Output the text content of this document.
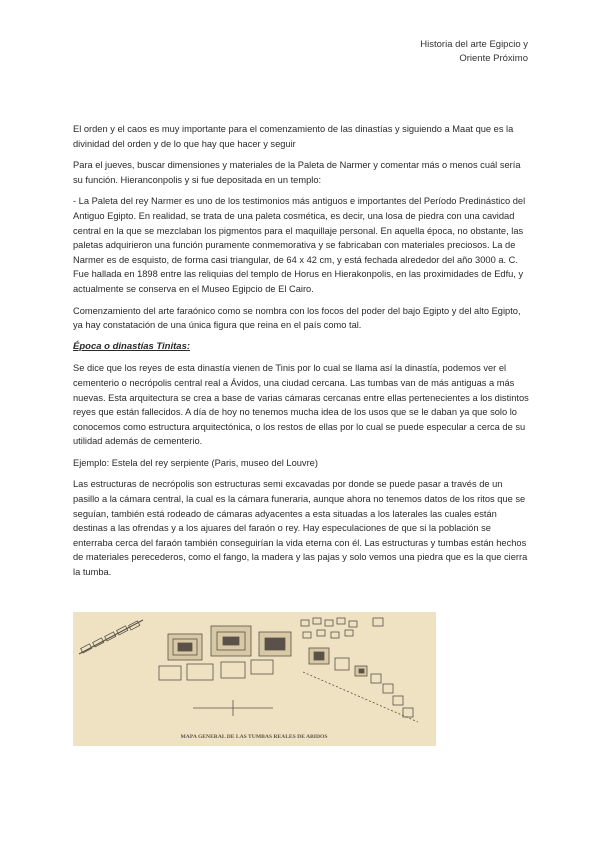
Historia del arte Egipcio y
Oriente Próximo

El orden y el caos es muy importante para el comenzamiento de las dinastías y siguiendo a Maat que es la divinidad del orden y de lo que hay que hacer y seguir

Para el jueves, buscar dimensiones y materiales de la Paleta de Narmer y comentar más o menos cuál sería su función. Hieranconpolis y si fue depositada en un templo:

- La Paleta del rey Narmer es uno de los testimonios más antiguos e importantes del Período Predinástico del Antiguo Egipto. En realidad, se trata de una paleta cosmética, es decir, una losa de piedra con una cavidad central en la que se mezclaban los pigmentos para el maquillaje personal. En aquella época, no obstante, las paletas adquirieron una función puramente conmemorativa y se fabricaban con materiales preciosos. La de Narmer es de esquisto, de forma casi triangular, de 64 x 42 cm, y está fechada alrededor del año 3000 a. C. Fue hallada en 1898 entre las reliquias del templo de Horus en Hierakonpolis, en las proximidades de Edfu, y actualmente se conserva en el Museo Egipcio de El Cairo.

Comenzamiento del arte faraónico como se nombra con los focos del poder del bajo Egipto y del alto Egipto, ya hay constatación de una única figura que reina en el país como tal.

Época o dinastías Tinitas:

Se dice que los reyes de esta dinastía vienen de Tinis por lo cual se llama así la dinastía, podemos ver el cementerio o necrópolis central real a Ávidos, una ciudad cercana. Las tumbas van de más antiguas a más nuevas. Esta arquitectura se crea a base de varias cámaras cercanas entre ellas pertenecientes a los distintos reyes que están fallecidos. A día de hoy no tenemos mucha idea de los usos que se le daban ya que solo lo conocemos como estructura arquitectónica, o los restos de ellas por lo cual se puede especular a cerca de su utilidad además de cementerio.

Ejemplo: Estela del rey serpiente (Paris, museo del Louvre)

Las estructuras de necrópolis son estructuras semi excavadas por donde se puede pasar a través de un pasillo a la cámara central, la cual es la cámara funeraria, aunque ahora no tenemos datos de los ritos que se seguían, también está rodeado de cámaras adyacentes a esta situadas a los laterales las cuales están destinas a las ofrendas y a los ajuares del faraón o rey. Hay especulaciones de que si la población se enterraba cerca del faraón también conseguirían la vida eterna con él. Las estructuras y tumbas están hechos de materiales perecederos, como el fango, la madera y las pajas y solo vemos una piedra que es la que cierra la tumba.

MAPA GENERAL DE LAS TUMBAS REALES DE ABIDOS
